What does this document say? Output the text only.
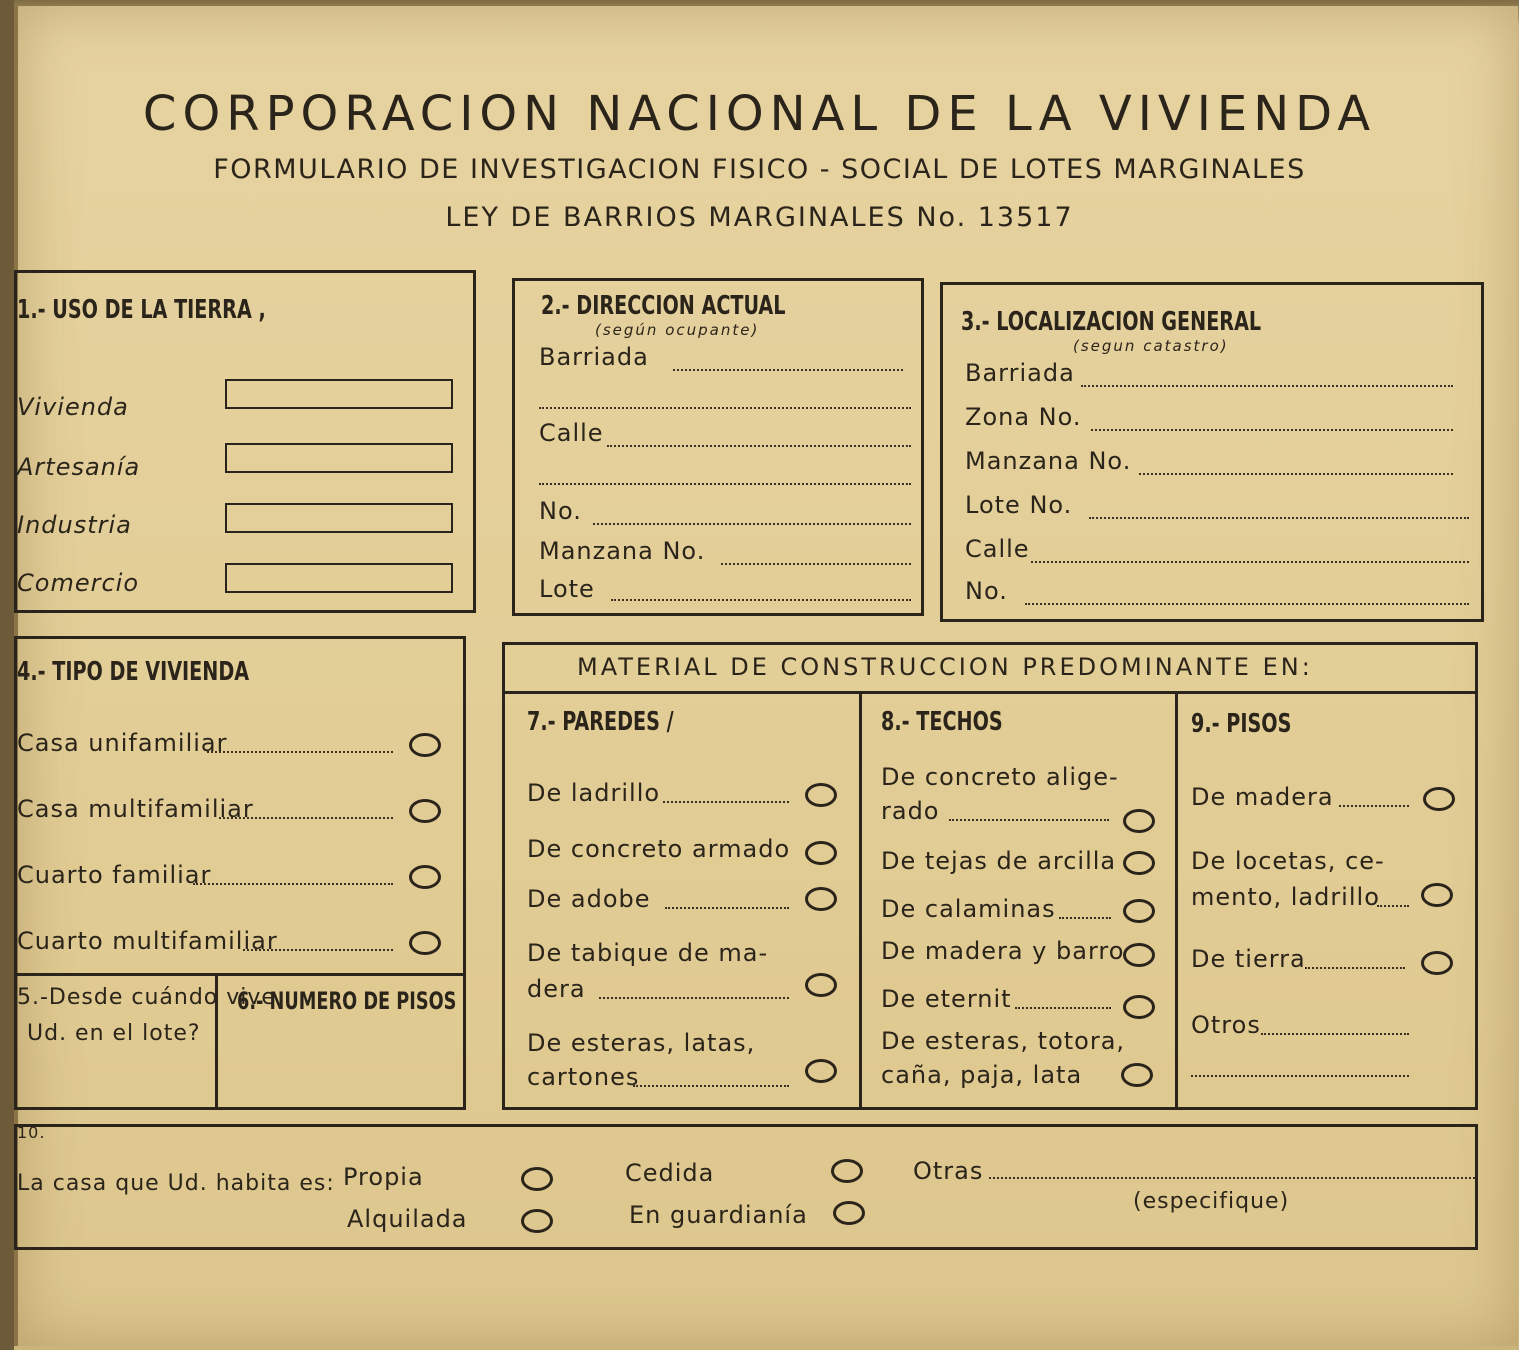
CORPORACION NACIONAL DE LA VIVIENDA
FORMULARIO DE INVESTIGACION FISICO - SOCIAL DE LOTES MARGINALES
LEY DE BARRIOS MARGINALES No. 13517
1.- USO DE LA TIERRA ,
Vivienda
Artesanía
Industria
Comercio
2.- DIRECCION ACTUAL
(según ocupante)
Barriada
Calle
No.
Manzana No.
Lote
3.- LOCALIZACION GENERAL
(segun catastro)
Barriada
Zona No.
Manzana No.
Lote No.
Calle
No.
4.- TIPO DE VIVIENDA
Casa unifamiliar
Casa multifamiliar
Cuarto familiar
Cuarto multifamiliar
5.-Desde cuándo vive
Ud. en el lote?
6.- NUMERO DE PISOS
MATERIAL DE CONSTRUCCION PREDOMINANTE EN:
7.- PAREDES /
De ladrillo
De concreto armado
De adobe
De tabique de ma-
dera
De esteras, latas,
cartones
8.- TECHOS
De concreto alige-
rado
De tejas de arcilla
De calaminas
De madera y barro
De eternit
De esteras, totora,
caña, paja, lata
9.- PISOS
De madera
De locetas, ce-
mento, ladrillo
De tierra
Otros
10.
La casa que Ud. habita es: Propia
Alquilada
Cedida
En guardianía
Otras
(especifique)
